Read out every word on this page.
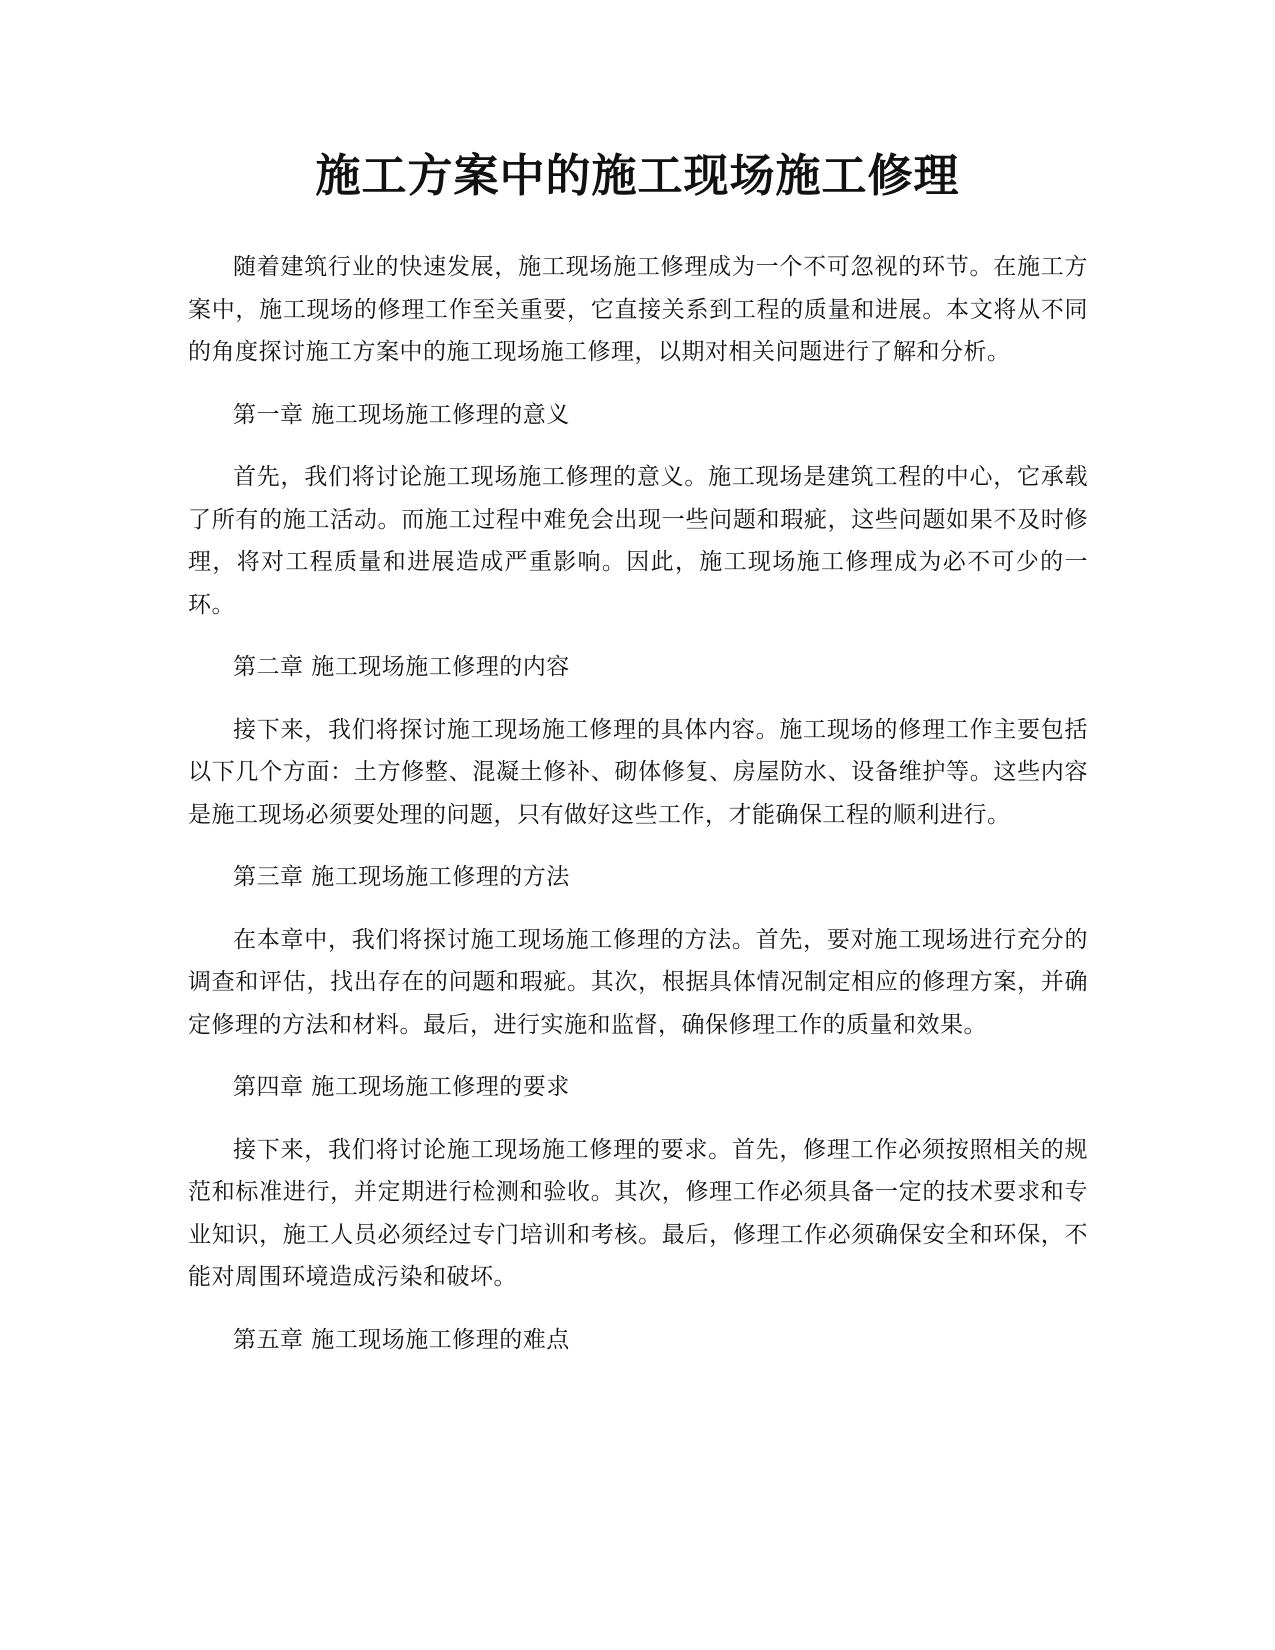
施工方案中的施工现场施工修理

随着建筑行业的快速发展，施工现场施工修理成为一个不可忽视的环节。在施工方案中，施工现场的修理工作至关重要，它直接关系到工程的质量和进展。本文将从不同的角度探讨施工方案中的施工现场施工修理，以期对相关问题进行了解和分析。

第一章 施工现场施工修理的意义

首先，我们将讨论施工现场施工修理的意义。施工现场是建筑工程的中心，它承载了所有的施工活动。而施工过程中难免会出现一些问题和瑕疵，这些问题如果不及时修理，将对工程质量和进展造成严重影响。因此，施工现场施工修理成为必不可少的一环。

第二章 施工现场施工修理的内容

接下来，我们将探讨施工现场施工修理的具体内容。施工现场的修理工作主要包括以下几个方面：土方修整、混凝土修补、砌体修复、房屋防水、设备维护等。这些内容是施工现场必须要处理的问题，只有做好这些工作，才能确保工程的顺利进行。

第三章 施工现场施工修理的方法

在本章中，我们将探讨施工现场施工修理的方法。首先，要对施工现场进行充分的调查和评估，找出存在的问题和瑕疵。其次，根据具体情况制定相应的修理方案，并确定修理的方法和材料。最后，进行实施和监督，确保修理工作的质量和效果。

第四章 施工现场施工修理的要求

接下来，我们将讨论施工现场施工修理的要求。首先，修理工作必须按照相关的规范和标准进行，并定期进行检测和验收。其次，修理工作必须具备一定的技术要求和专业知识，施工人员必须经过专门培训和考核。最后，修理工作必须确保安全和环保，不能对周围环境造成污染和破坏。

第五章 施工现场施工修理的难点
